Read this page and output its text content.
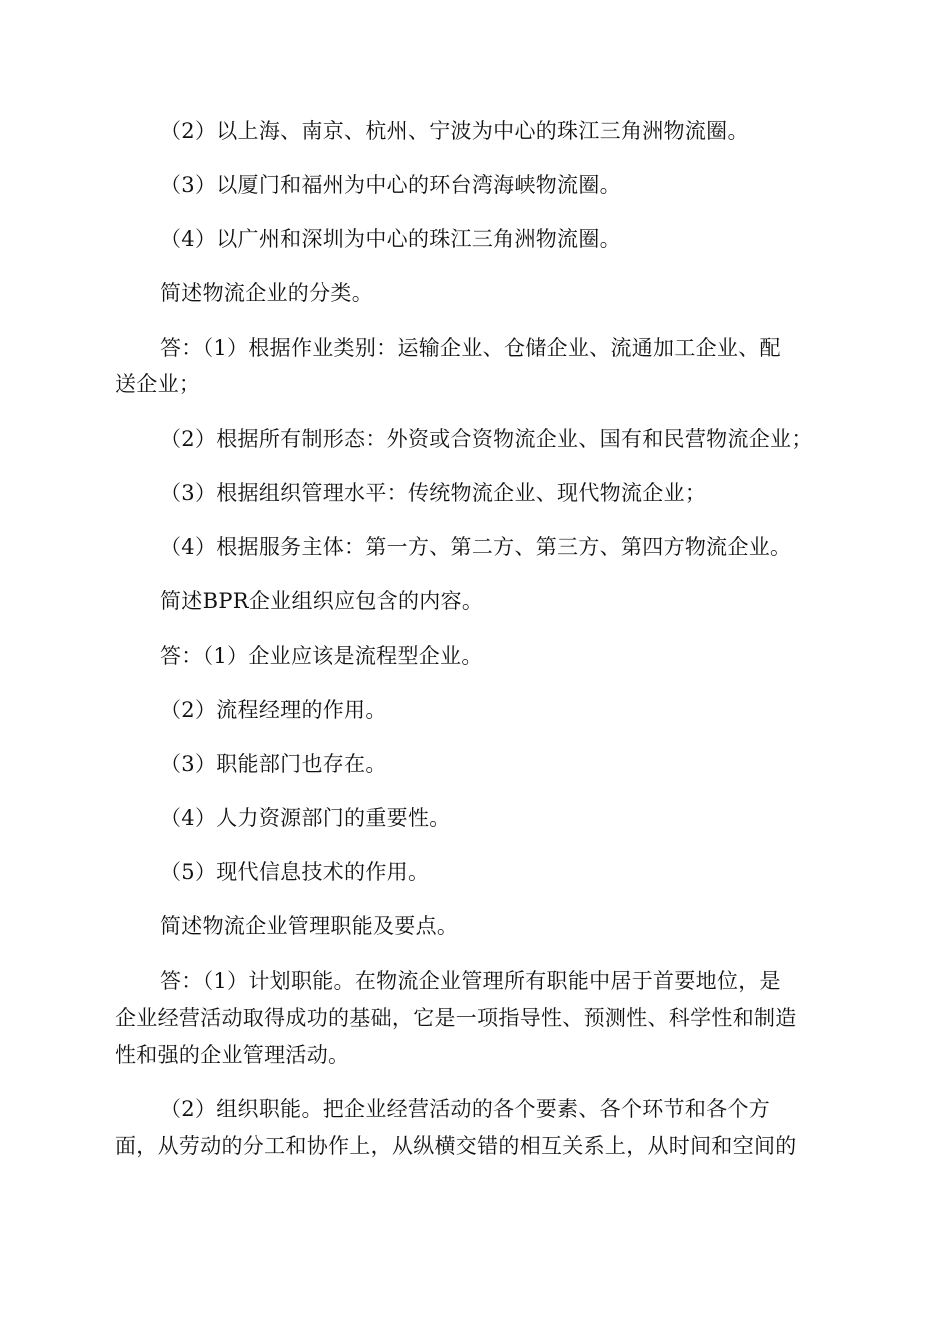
（2）以上海、南京、杭州、宁波为中心的珠江三角洲物流圈。
（3）以厦门和福州为中心的环台湾海峡物流圈。
（4）以广州和深圳为中心的珠江三角洲物流圈。
简述物流企业的分类。
答：（1）根据作业类别：运输企业、仓储企业、流通加工企业、配
送企业；
（2）根据所有制形态：外资或合资物流企业、国有和民营物流企业；
（3）根据组织管理水平：传统物流企业、现代物流企业；
（4）根据服务主体：第一方、第二方、第三方、第四方物流企业。
简述BPR企业组织应包含的内容。
答：（1）企业应该是流程型企业。
（2）流程经理的作用。
（3）职能部门也存在。
（4）人力资源部门的重要性。
（5）现代信息技术的作用。
简述物流企业管理职能及要点。
答：（1）计划职能。在物流企业管理所有职能中居于首要地位，是
企业经营活动取得成功的基础，它是一项指导性、预测性、科学性和制造
性和强的企业管理活动。
（2）组织职能。把企业经营活动的各个要素、各个环节和各个方
面，从劳动的分工和协作上，从纵横交错的相互关系上，从时间和空间的
